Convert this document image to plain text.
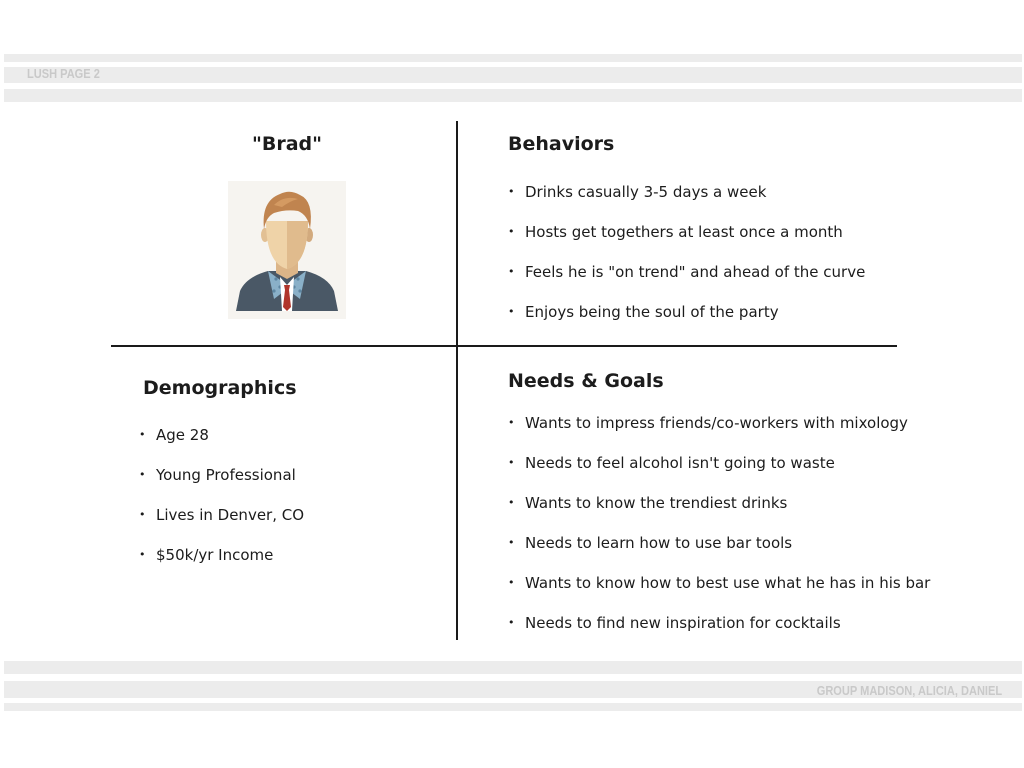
LUSH PAGE 2
GROUP MADISON, ALICIA, DANIEL
"Brad"	Behaviors
• Drinks casually 3-5 days a week
• Hosts get togethers at least once a month
• Feels he is "on trend" and ahead of the curve
• Enjoys being the soul of the party
Demographics
• Age 28
• Young Professional
• Lives in Denver, CO
• $50k/yr Income
Needs & Goals
• Wants to impress friends/co-workers with mixology
• Needs to feel alcohol isn't going to waste
• Wants to know the trendiest drinks
• Needs to learn how to use bar tools
• Wants to know how to best use what he has in his bar
• Needs to find new inspiration for cocktails
